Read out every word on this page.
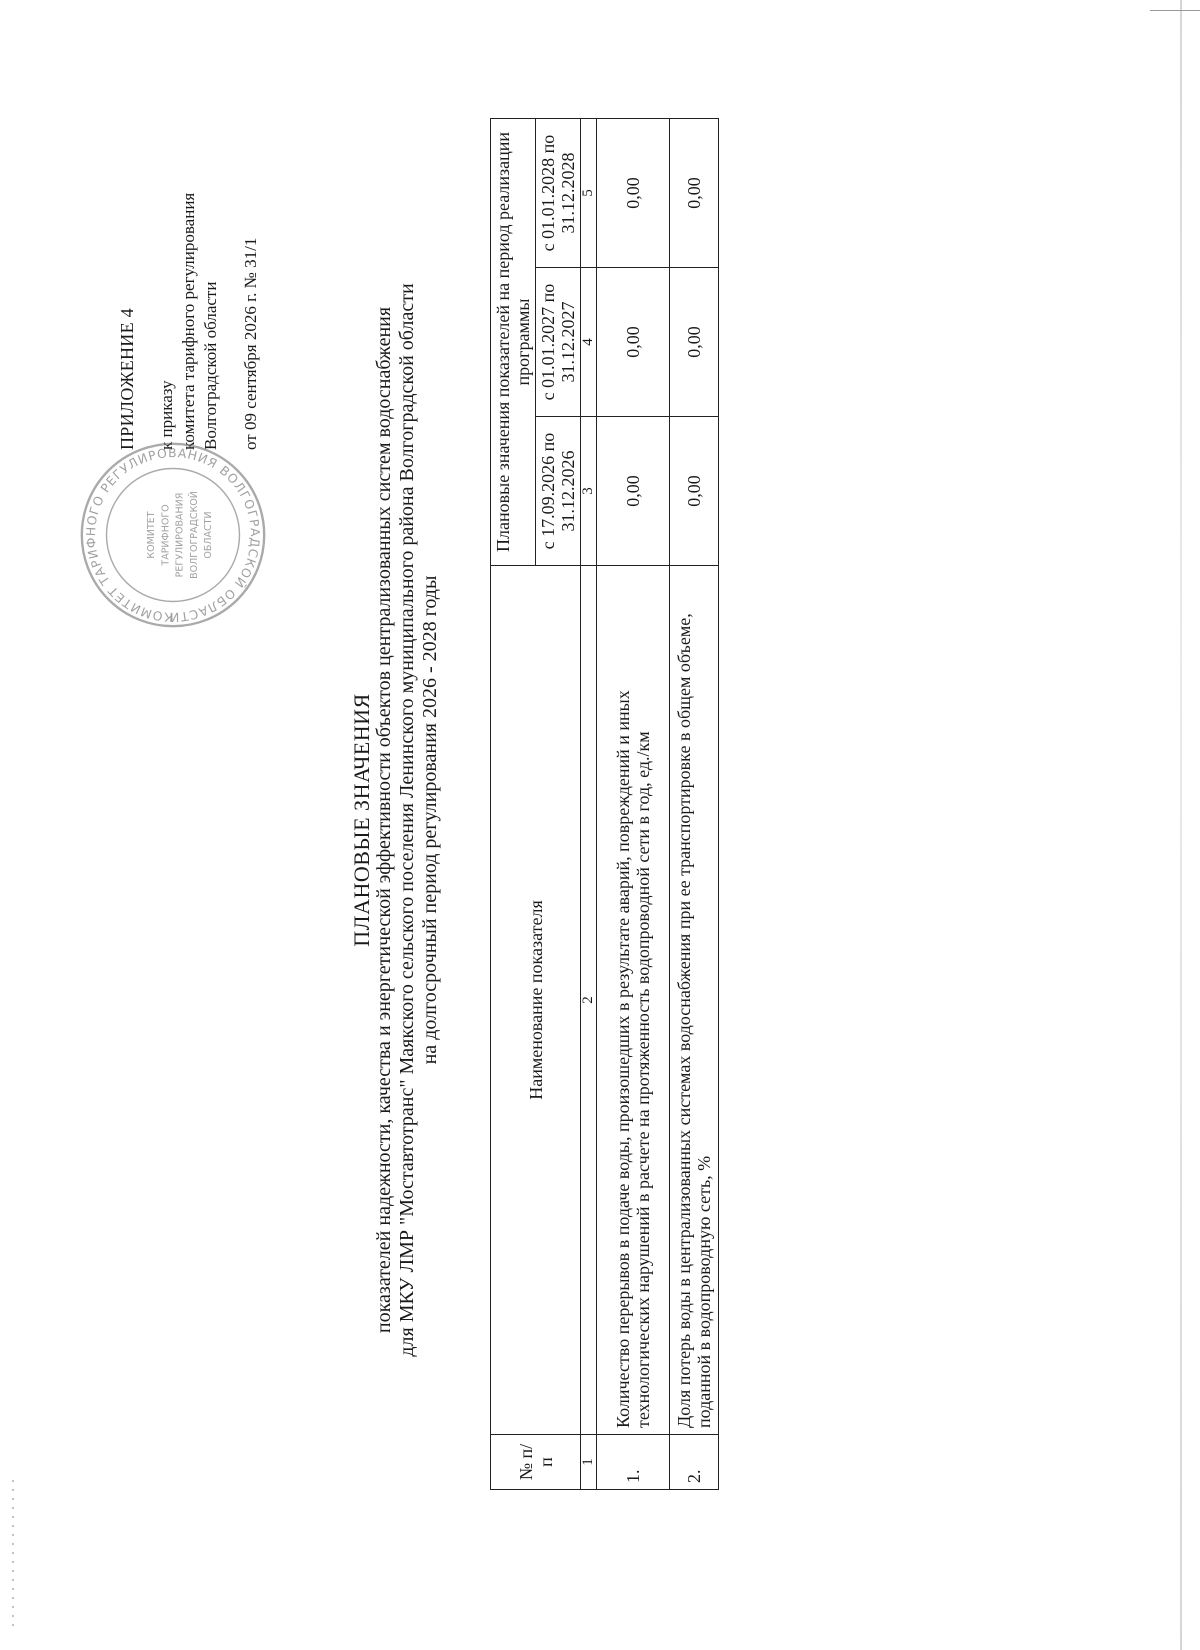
ПРИЛОЖЕНИЕ 4 к приказу комитета тарифного регулирования Волгоградской области от 09 сентября 2026 г. № 31/1
КОМИТЕТ ТАРИФНОГО РЕГУЛИРОВАНИЯ ВОЛГОГРАДСКОЙ ОБЛАСТИ
КОМИТЕТ ТАРИФНОГО РЕГУЛИРОВАНИЯ ВОЛГОГРАДСКОЙ ОБЛАСТИ
ПЛАНОВЫЕ ЗНАЧЕНИЯ показателей надежности, качества и энергетической эффективности объектов централизованных систем водоснабжения для МКУ ЛМР "Моставтотранс" Маякского сельского поселения Ленинского муниципального района Волгоградской области на долгосрочный период регулирования 2026 - 2028 годы
№ п/п	Наименование показателя	Плановые значения показателей на период реализации программы		
		с 17.09.2026 по 31.12.2026	с 01.01.2027 по 31.12.2027	с 01.01.2028 по 31.12.2028
1	2	3	4	5
1.	Количество перерывов в подаче воды, произошедших в результате аварий, повреждений и иных технологических нарушений в расчете на протяженность водопроводной сети в год, ед./км	0,00	0,00	0,00
2.	Доля потерь воды в централизованных системах водоснабжения при ее транспортировке в общем объеме, поданной в водопроводную сеть, %	0,00	0,00	0,00
